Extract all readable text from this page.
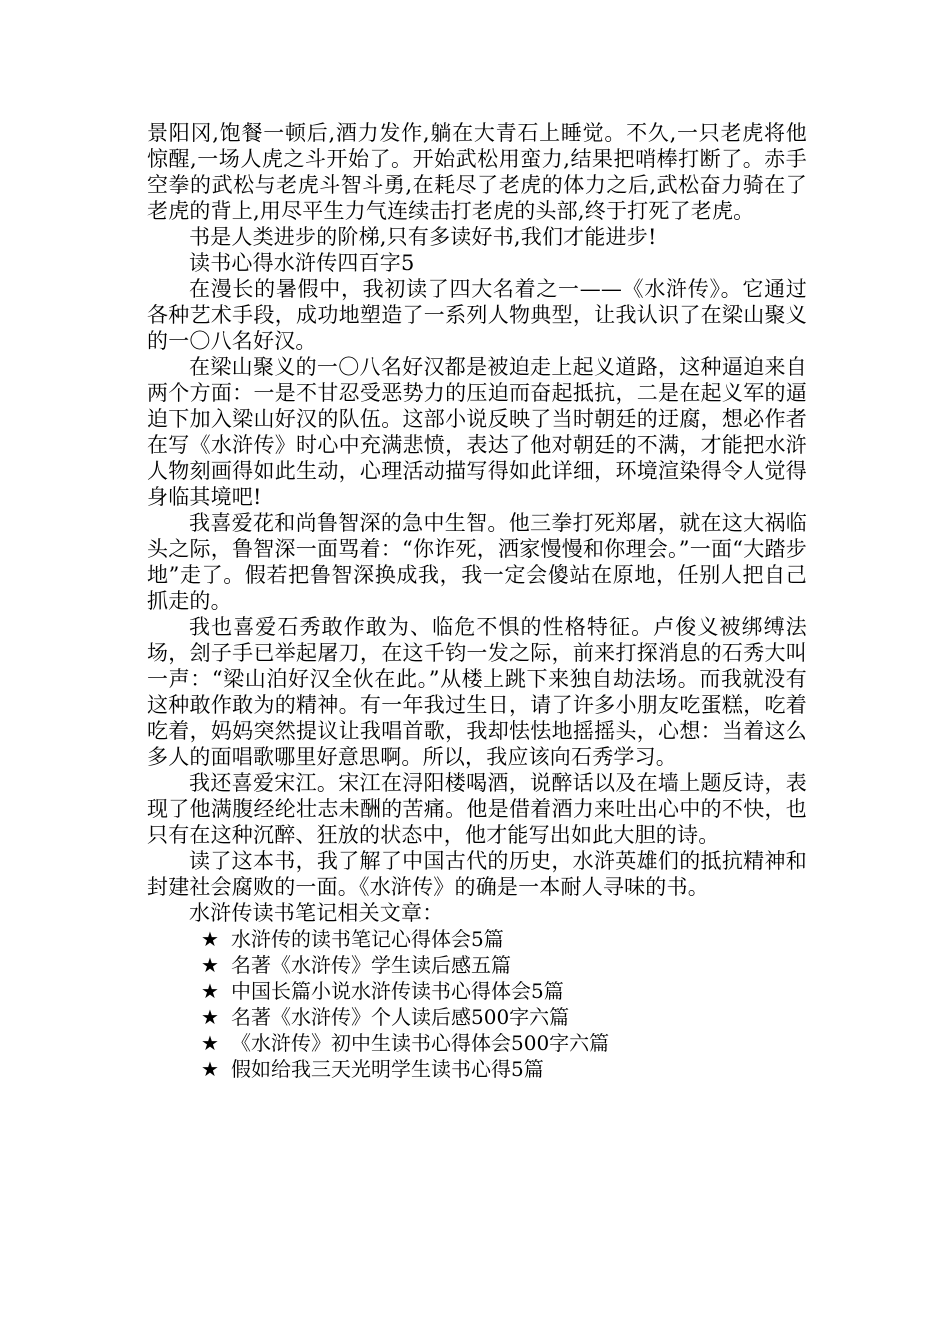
景阳冈,饱餐一顿后,酒力发作,躺在大青石上睡觉。不久,一只老虎将他惊醒,一场人虎之斗开始了。开始武松用蛮力,结果把哨棒打断了。赤手空拳的武松与老虎斗智斗勇,在耗尽了老虎的体力之后,武松奋力骑在了老虎的背上,用尽平生力气连续击打老虎的头部,终于打死了老虎。

书是人类进步的阶梯,只有多读好书,我们才能进步!

读书心得水浒传四百字5

在漫长的暑假中，我初读了四大名着之一——《水浒传》。它通过各种艺术手段，成功地塑造了一系列人物典型，让我认识了在梁山聚义的一〇八名好汉。

在梁山聚义的一〇八名好汉都是被迫走上起义道路，这种逼迫来自两个方面：一是不甘忍受恶势力的压迫而奋起抵抗，二是在起义军的逼迫下加入梁山好汉的队伍。这部小说反映了当时朝廷的迂腐，想必作者在写《水浒传》时心中充满悲愤，表达了他对朝廷的不满，才能把水浒人物刻画得如此生动，心理活动描写得如此详细，环境渲染得令人觉得身临其境吧!

我喜爱花和尚鲁智深的急中生智。他三拳打死郑屠，就在这大祸临头之际，鲁智深一面骂着：“你诈死，洒家慢慢和你理会。”一面“大踏步地”走了。假若把鲁智深换成我，我一定会傻站在原地，任别人把自己抓走的。

我也喜爱石秀敢作敢为、临危不惧的性格特征。卢俊义被绑缚法场，刽子手已举起屠刀，在这千钧一发之际，前来打探消息的石秀大叫一声：“梁山泊好汉全伙在此。”从楼上跳下来独自劫法场。而我就没有这种敢作敢为的精神。有一年我过生日，请了许多小朋友吃蛋糕，吃着吃着，妈妈突然提议让我唱首歌，我却怯怯地摇摇头，心想：当着这么多人的面唱歌哪里好意思啊。所以，我应该向石秀学习。

我还喜爱宋江。宋江在浔阳楼喝酒，说醉话以及在墙上题反诗，表现了他满腹经纶壮志未酬的苦痛。他是借着酒力来吐出心中的不快，也只有在这种沉醉、狂放的状态中，他才能写出如此大胆的诗。

读了这本书，我了解了中国古代的历史，水浒英雄们的抵抗精神和封建社会腐败的一面。《水浒传》的确是一本耐人寻味的书。

水浒传读书笔记相关文章：

★ 水浒传的读书笔记心得体会5篇
★ 名著《水浒传》学生读后感五篇
★ 中国长篇小说水浒传读书心得体会5篇
★ 名著《水浒传》个人读后感500字六篇
★ 《水浒传》初中生读书心得体会500字六篇
★ 假如给我三天光明学生读书心得5篇
